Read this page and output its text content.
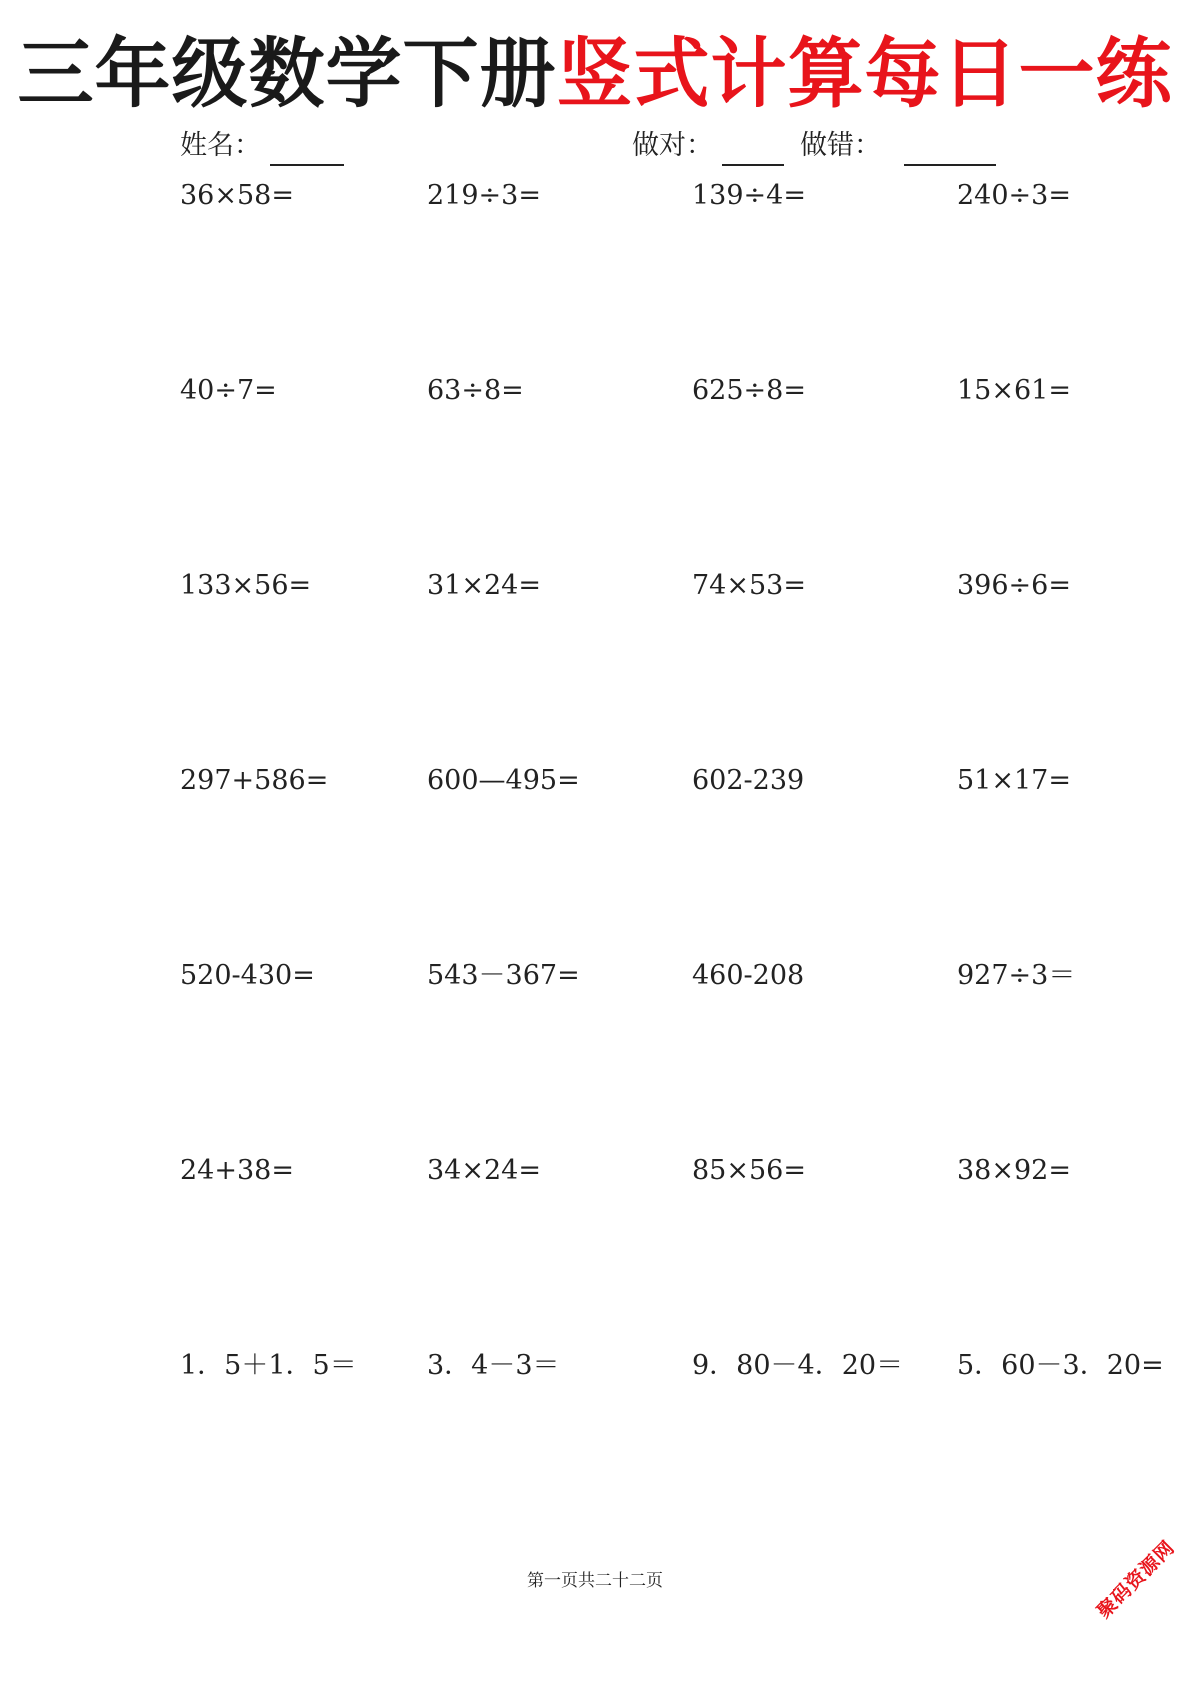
三年级数学下册竖式计算每日一练
姓名：	做对：	做错：
36×58=	219÷3=	139÷4=	240÷3=
40÷7=	63÷8=	625÷8=	15×61=
133×56=	31×24=	74×53=	396÷6=
297+586=	600—495=	602-239	51×17=
520-430=	543－367=	460-208	927÷3＝
24+38=	34×24=	85×56=	38×92=
1．5＋1．5＝	3．4－3＝	9．80－4．20＝ 5．60－3．20=
第一页共二十二页	聚码资源网
